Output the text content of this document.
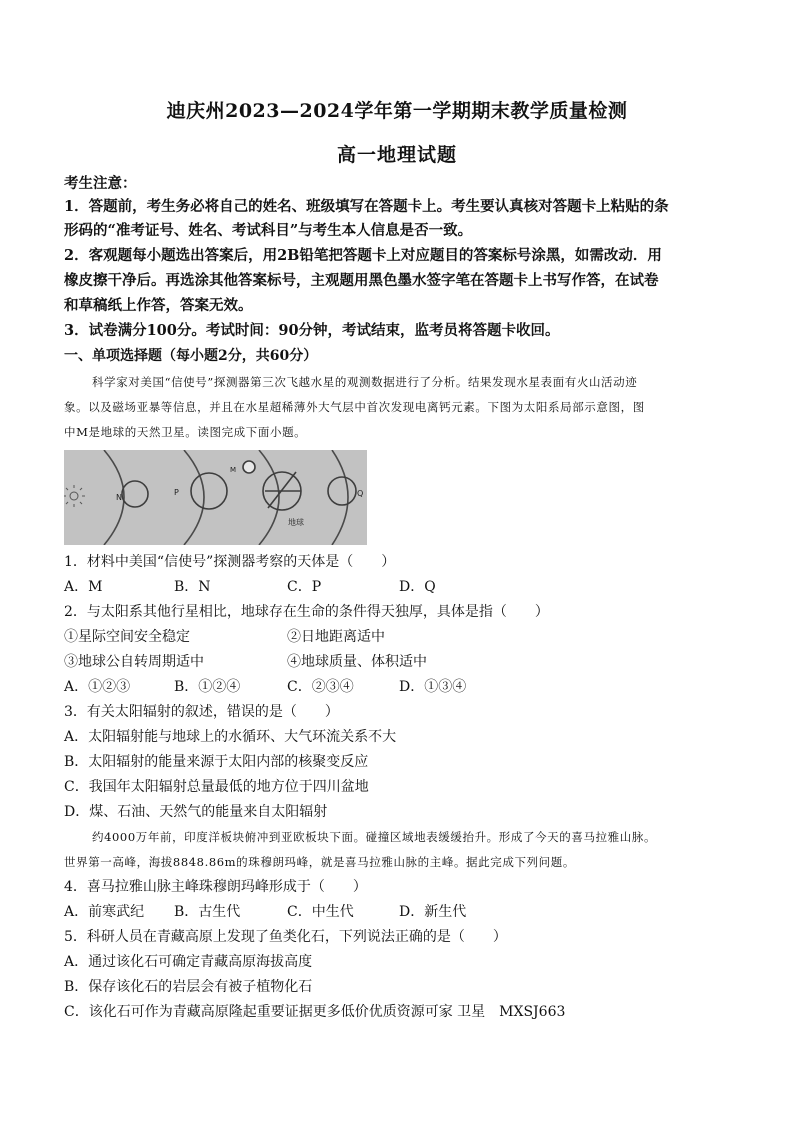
迪庆州2023—2024学年第一学期期末教学质量检测
高一地理试题
考生注意：
1．答题前，考生务必将自己的姓名、班级填写在答题卡上。考生要认真核对答题卡上粘贴的条
形码的“准考证号、姓名、考试科目”与考生本人信息是否一致。
2．客观题每小题选出答案后，用2B铅笔把答题卡上对应题目的答案标号涂黑，如需改动．用
橡皮擦干净后。再选涂其他答案标号，主观题用黑色墨水签字笔在答题卡上书写作答，在试卷
和草稿纸上作答，答案无效。
3．试卷满分100分。考试时间：90分钟，考试结束，监考员将答题卡收回。
一、单项选择题（每小题2分，共60分）
科学家对美国“信使号”探测器第三次飞越水星的观测数据进行了分析。结果发现水星表面有火山活动迹
象。以及磁场亚暴等信息，并且在水星超稀薄外大气层中首次发现电离钙元素。下图为太阳系局部示意图，图
中M是地球的天然卫星。读图完成下面小题。
N
P
M
Q
地球
1．材料中美国“信使号”探测器考察的天体是（　　）
A．M	B．N	C．P	D．Q
2．与太阳系其他行星相比，地球存在生命的条件得天独厚，具体是指（　　）
①星际空间安全稳定	②日地距离适中
③地球公自转周期适中	④地球质量、体积适中
A．①②③	B．①②④	C．②③④	D．①③④
3．有关太阳辐射的叙述，错误的是（　　）
A．太阳辐射能与地球上的水循环、大气环流关系不大
B．太阳辐射的能量来源于太阳内部的核聚变反应
C．我国年太阳辐射总量最低的地方位于四川盆地
D．煤、石油、天然气的能量来自太阳辐射
约4000万年前，印度洋板块俯冲到亚欧板块下面。碰撞区域地表缓缓抬升。形成了今天的喜马拉雅山脉。
世界第一高峰，海拔8848.86m的珠穆朗玛峰，就是喜马拉雅山脉的主峰。据此完成下列问题。
4．喜马拉雅山脉主峰珠穆朗玛峰形成于（　　）
A．前寒武纪 B．古生代	C．中生代	D．新生代
5．科研人员在青藏高原上发现了鱼类化石，下列说法正确的是（　　）
A．通过该化石可确定青藏高原海拔高度
B．保存该化石的岩层会有被子植物化石
C．该化石可作为青藏高原隆起重要证据更多低价优质资源可家 卫星　MXSJ663
